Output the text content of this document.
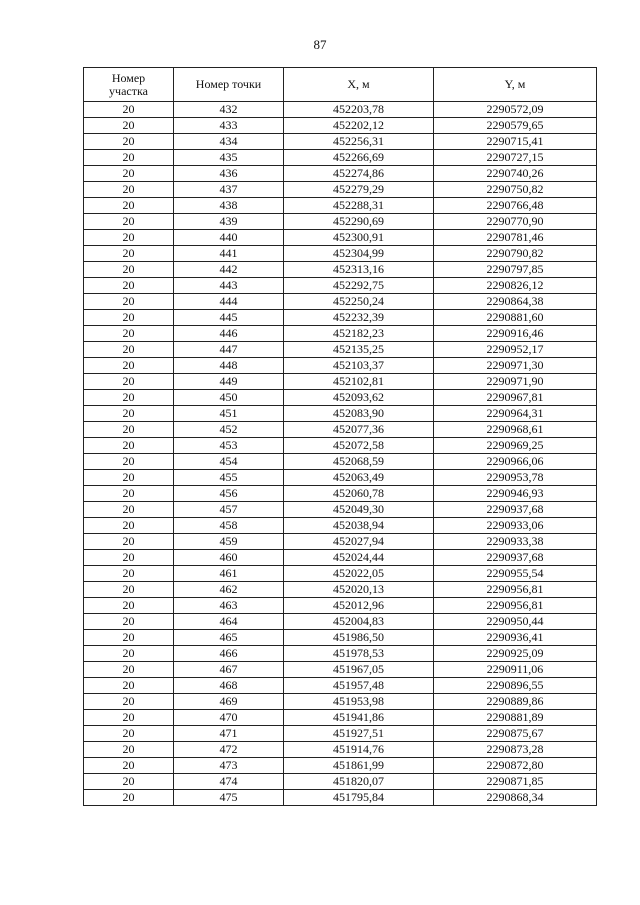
87
Номер
участка	Номер точки	X, м	Y, м
20	432	452203,78	2290572,09
20	433	452202,12	2290579,65
20	434	452256,31	2290715,41
20	435	452266,69	2290727,15
20	436	452274,86	2290740,26
20	437	452279,29	2290750,82
20	438	452288,31	2290766,48
20	439	452290,69	2290770,90
20	440	452300,91	2290781,46
20	441	452304,99	2290790,82
20	442	452313,16	2290797,85
20	443	452292,75	2290826,12
20	444	452250,24	2290864,38
20	445	452232,39	2290881,60
20	446	452182,23	2290916,46
20	447	452135,25	2290952,17
20	448	452103,37	2290971,30
20	449	452102,81	2290971,90
20	450	452093,62	2290967,81
20	451	452083,90	2290964,31
20	452	452077,36	2290968,61
20	453	452072,58	2290969,25
20	454	452068,59	2290966,06
20	455	452063,49	2290953,78
20	456	452060,78	2290946,93
20	457	452049,30	2290937,68
20	458	452038,94	2290933,06
20	459	452027,94	2290933,38
20	460	452024,44	2290937,68
20	461	452022,05	2290955,54
20	462	452020,13	2290956,81
20	463	452012,96	2290956,81
20	464	452004,83	2290950,44
20	465	451986,50	2290936,41
20	466	451978,53	2290925,09
20	467	451967,05	2290911,06
20	468	451957,48	2290896,55
20	469	451953,98	2290889,86
20	470	451941,86	2290881,89
20	471	451927,51	2290875,67
20	472	451914,76	2290873,28
20	473	451861,99	2290872,80
20	474	451820,07	2290871,85
20	475	451795,84	2290868,34
